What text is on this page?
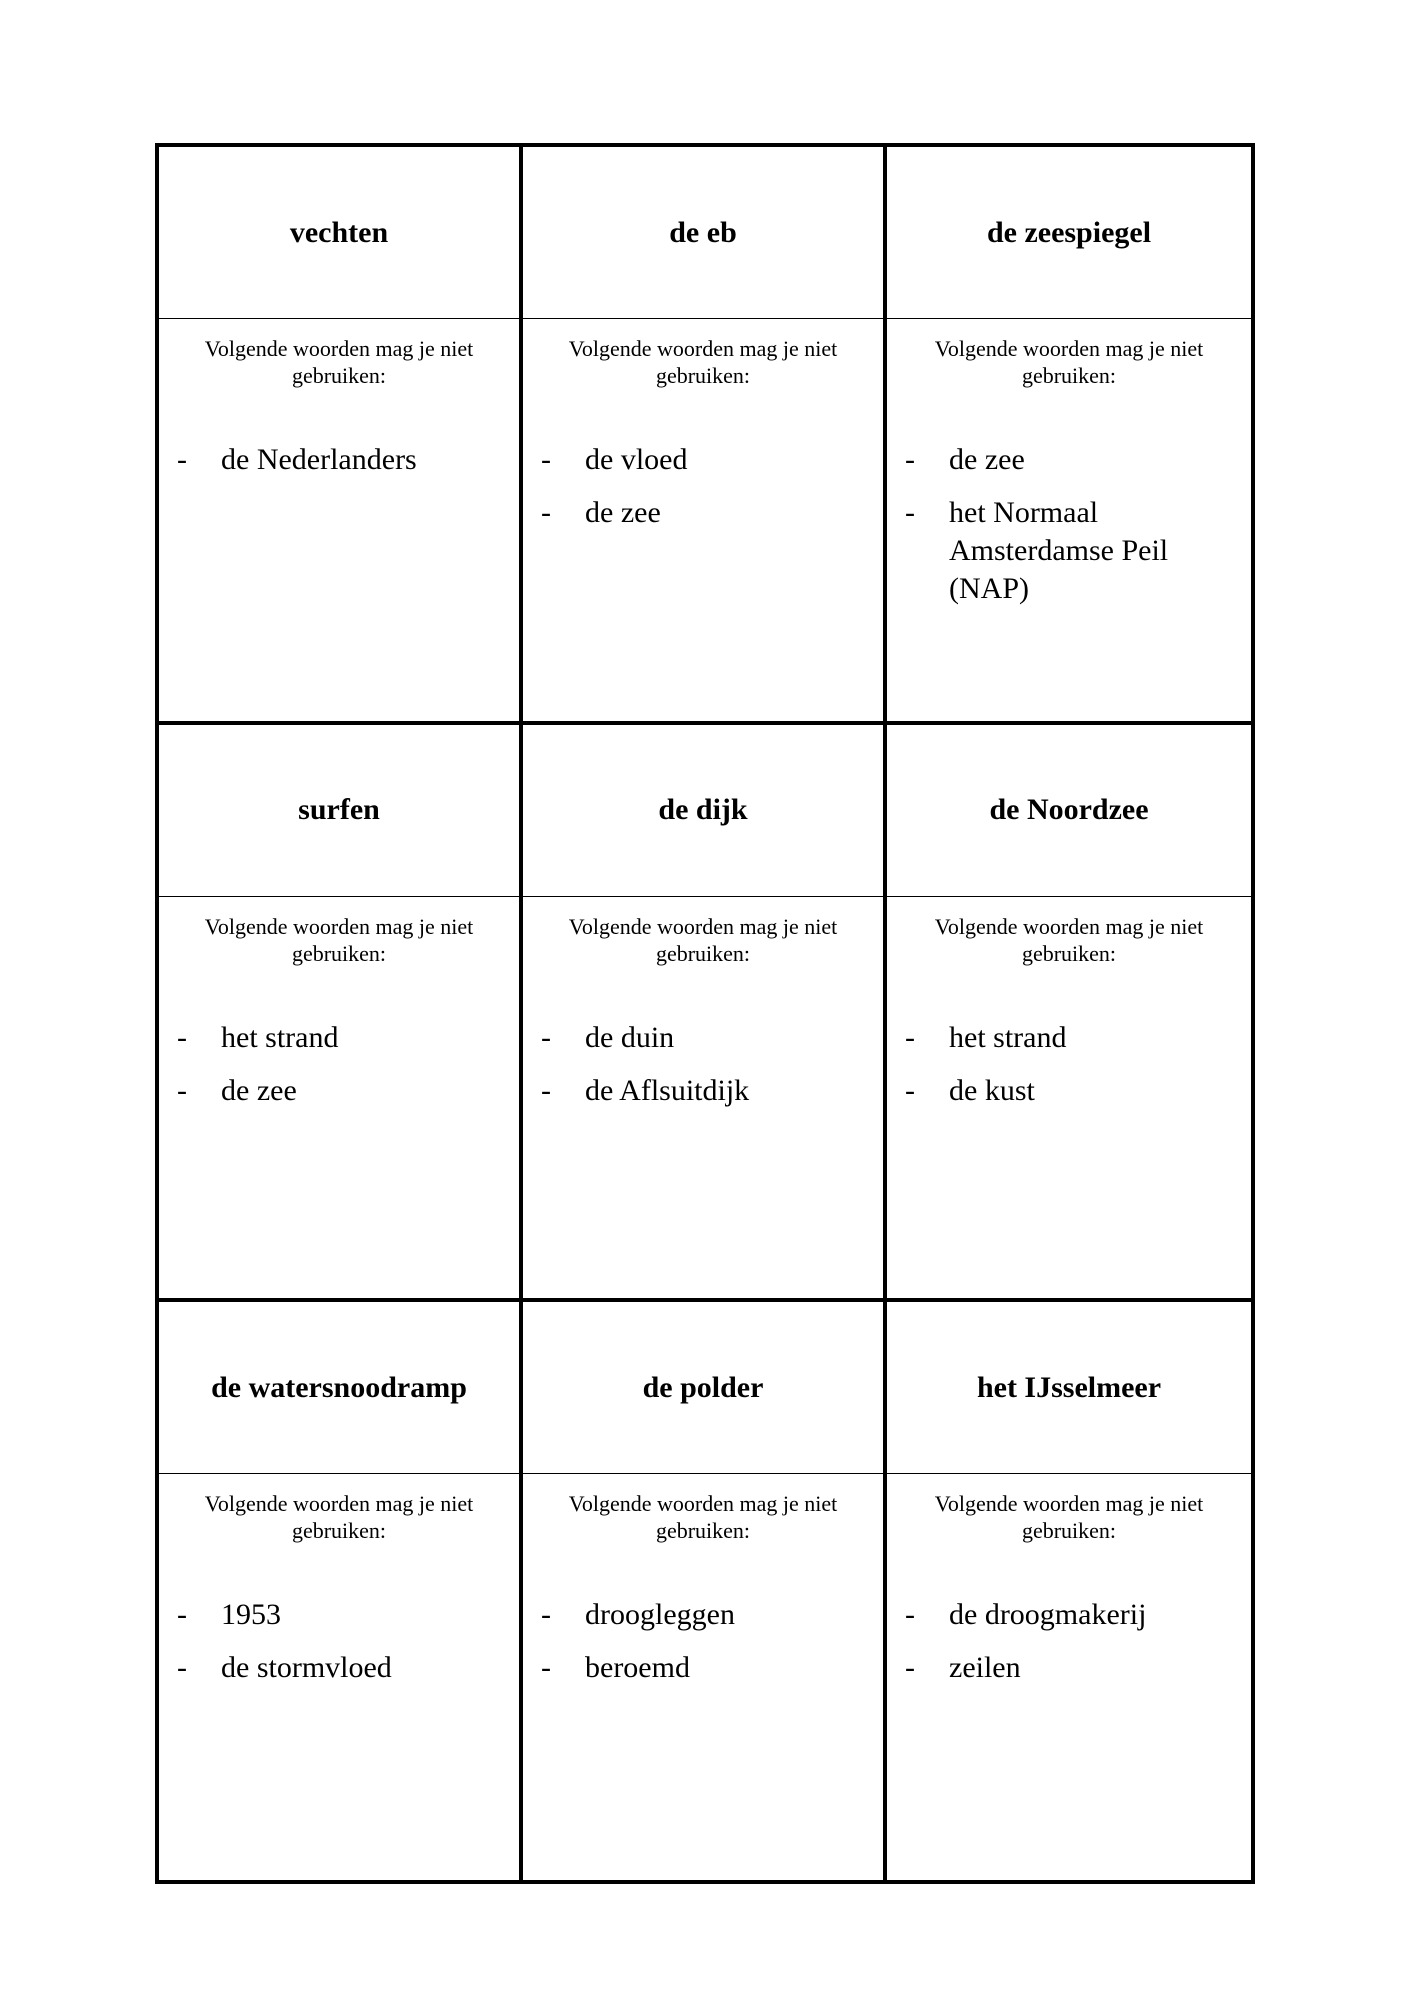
vechten

Volgende woorden mag je niet gebruiken:

-	de Nederlanders
de eb

Volgende woorden mag je niet gebruiken:

-	de vloed
-	de zee
de zeespiegel

Volgende woorden mag je niet gebruiken:

-	de zee
-	het Normaal Amsterdamse Peil (NAP)
surfen

Volgende woorden mag je niet gebruiken:

-	het strand
-	de zee
de dijk

Volgende woorden mag je niet gebruiken:

-	de duin
-	de Aflsuitdijk
de Noordzee

Volgende woorden mag je niet gebruiken:

-	het strand
-	de kust
de watersnoodramp

Volgende woorden mag je niet gebruiken:

-	1953
-	de stormvloed
de polder

Volgende woorden mag je niet gebruiken:

-	droogleggen
-	beroemd
het IJsselmeer

Volgende woorden mag je niet gebruiken:

-	de droogmakerij
-	zeilen
